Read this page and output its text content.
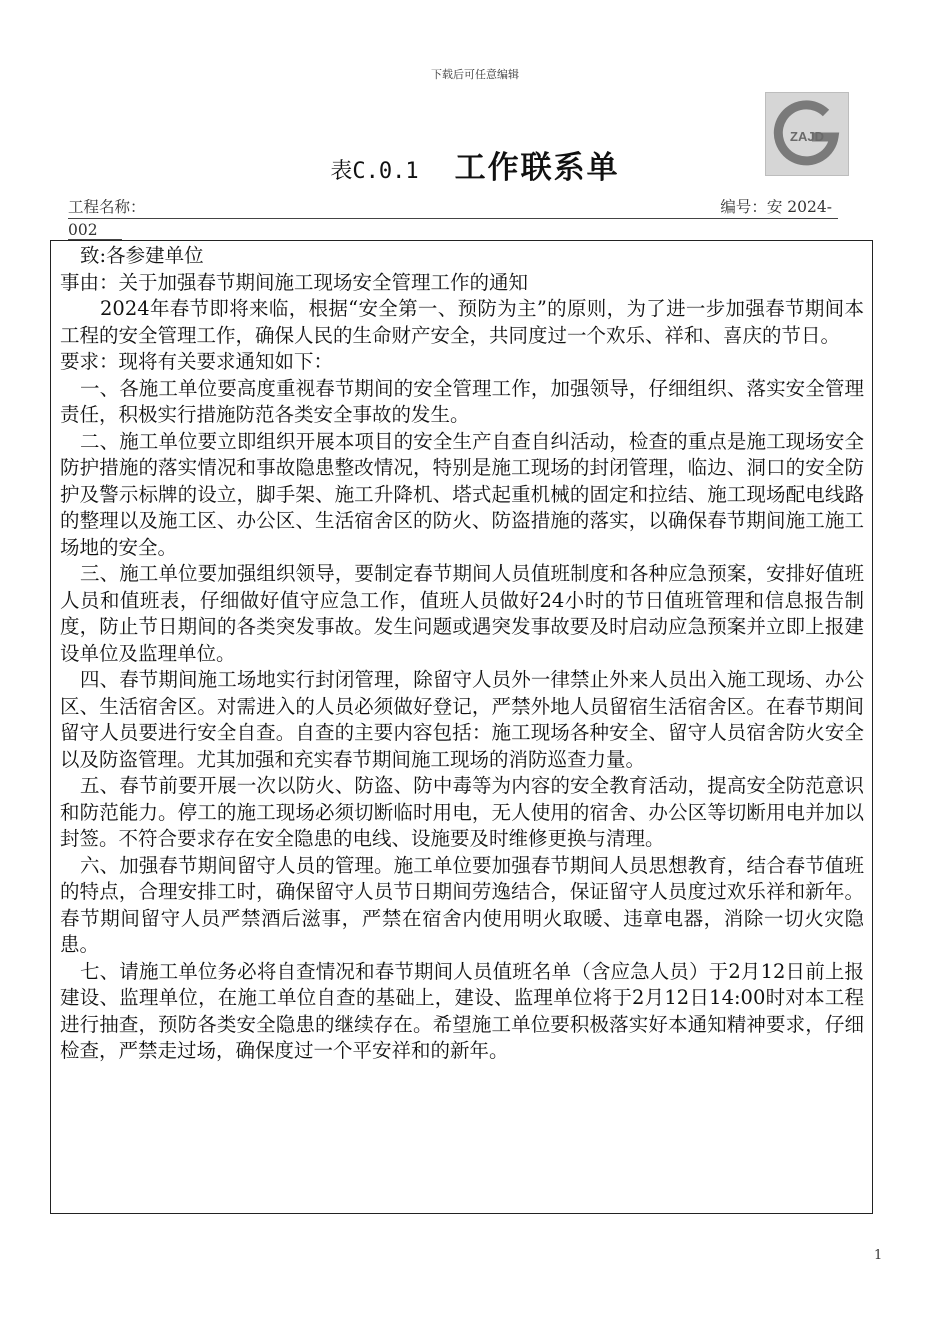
下载后可任意编辑
ZAJD
表C.0.1 工作联系单
工程名称：	编号：安 2024-
002

致:各参建单位

事由：关于加强春节期间施工现场安全管理工作的通知

2024年春节即将来临，根据“安全第一、预防为主”的原则，为了进一步加强春节期间本工程的安全管理工作，确保人民的生命财产安全，共同度过一个欢乐、祥和、喜庆的节日。

要求：现将有关要求通知如下：

一、各施工单位要高度重视春节期间的安全管理工作，加强领导，仔细组织、落实安全管理责任，积极实行措施防范各类安全事故的发生。

二、施工单位要立即组织开展本项目的安全生产自查自纠活动，检查的重点是施工现场安全防护措施的落实情况和事故隐患整改情况，特别是施工现场的封闭管理，临边、洞口的安全防护及警示标牌的设立，脚手架、施工升降机、塔式起重机械的固定和拉结、施工现场配电线路的整理以及施工区、办公区、生活宿舍区的防火、防盗措施的落实，以确保春节期间施工施工场地的安全。

三、施工单位要加强组织领导，要制定春节期间人员值班制度和各种应急预案，安排好值班人员和值班表，仔细做好值守应急工作，值班人员做好24小时的节日值班管理和信息报告制度，防止节日期间的各类突发事故。发生问题或遇突发事故要及时启动应急预案并立即上报建设单位及监理单位。

四、春节期间施工场地实行封闭管理，除留守人员外一律禁止外来人员出入施工现场、办公区、生活宿舍区。对需进入的人员必须做好登记，严禁外地人员留宿生活宿舍区。在春节期间留守人员要进行安全自查。自查的主要内容包括：施工现场各种安全、留守人员宿舍防火安全以及防盗管理。尤其加强和充实春节期间施工现场的消防巡查力量。

五、春节前要开展一次以防火、防盗、防中毒等为内容的安全教育活动，提高安全防范意识和防范能力。停工的施工现场必须切断临时用电，无人使用的宿舍、办公区等切断用电并加以封签。不符合要求存在安全隐患的电线、设施要及时维修更换与清理。

六、加强春节期间留守人员的管理。施工单位要加强春节期间人员思想教育，结合春节值班的特点，合理安排工时，确保留守人员节日期间劳逸结合，保证留守人员度过欢乐祥和新年。春节期间留守人员严禁酒后滋事，严禁在宿舍内使用明火取暖、违章电器，消除一切火灾隐患。

七、请施工单位务必将自查情况和春节期间人员值班名单（含应急人员）于2月12日前上报建设、监理单位，在施工单位自查的基础上，建设、监理单位将于2月12日14:00时对本工程进行抽查，预防各类安全隐患的继续存在。希望施工单位要积极落实好本通知精神要求，仔细检查，严禁走过场，确保度过一个平安祥和的新年。

1
